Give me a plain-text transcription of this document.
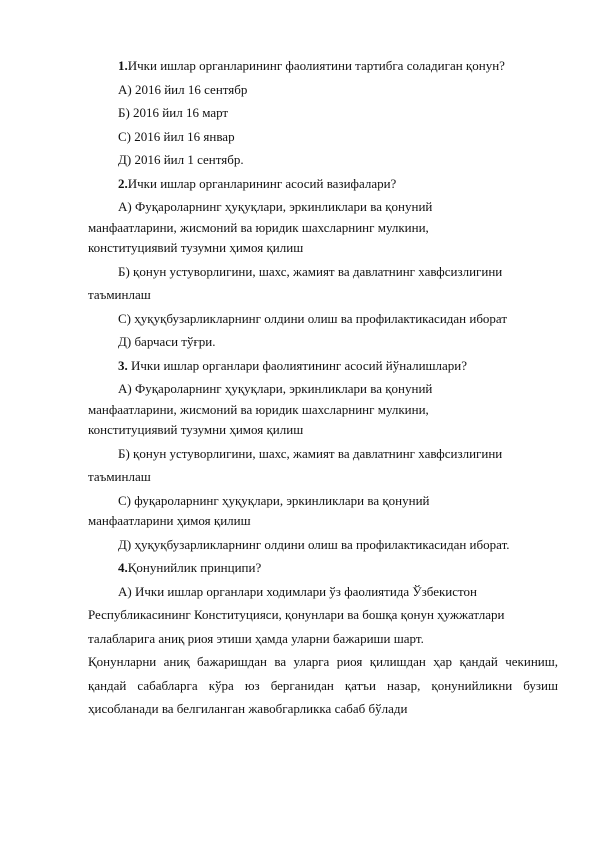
1.Ички ишлар органларининг фаолиятини тартибга соладиган қонун?
А) 2016 йил 16 сентябр
Б) 2016 йил 16 март
С) 2016 йил 16 январ
Д) 2016 йил 1 сентябр.
2.Ички ишлар органларининг асосий вазифалари?
А) Фуқароларнинг ҳуқуқлари, эркинликлари ва қонуний
манфаатларини, жисмоний ва юридик шахсларнинг мулкини,
конституциявий тузумни ҳимоя қилиш
Б) қонун устуворлигини, шахс, жамият ва давлатнинг хавфсизлигини
таъминлаш
С) ҳуқуқбузарликларнинг олдини олиш ва профилактикасидан иборат
Д) барчаси тўғри.
3. Ички ишлар органлари фаолиятининг асосий йўналишлари?
А) Фуқароларнинг ҳуқуқлари, эркинликлари ва қонуний
манфаатларини, жисмоний ва юридик шахсларнинг мулкини,
конституциявий тузумни ҳимоя қилиш
Б) қонун устуворлигини, шахс, жамият ва давлатнинг хавфсизлигини
таъминлаш
С) фуқароларнинг ҳуқуқлари, эркинликлари ва қонуний
манфаатларини ҳимоя қилиш
Д) ҳуқуқбузарликларнинг олдини олиш ва профилактикасидан иборат.
4.Қонунийлик принципи?
А) Ички ишлар органлари ходимлари ўз фаолиятида Ўзбекистон
Республикасининг Конституцияси, қонунлари ва бошқа қонун ҳужжатлари
талабларига аниқ риоя этиши ҳамда уларни бажариши шарт.
Қонунларни аниқ бажаришдан ва уларга риоя қилишдан ҳар қандай чекиниш,
қандай сабабларга кўра юз берганидан қатъи назар, қонунийликни бузиш
ҳисобланади ва белгиланган жавобгарликка сабаб бўлади
